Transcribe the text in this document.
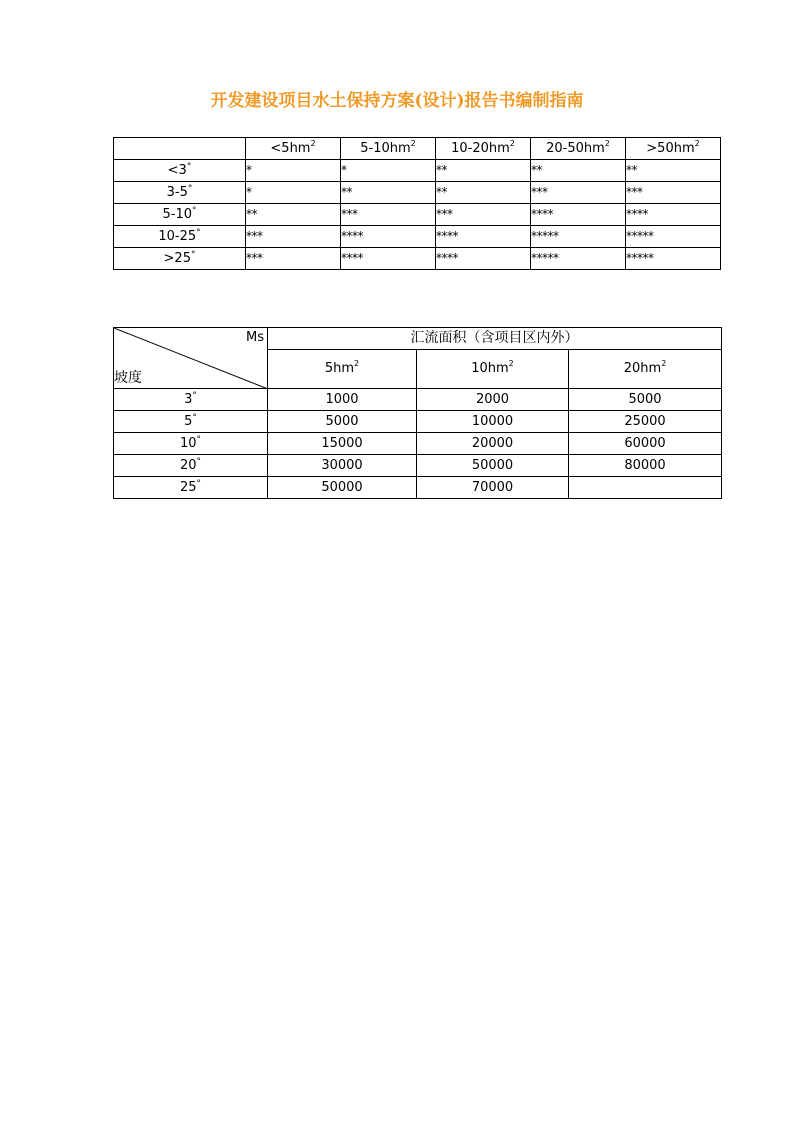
开发建设项目水土保持方案(设计)报告书编制指南
	$<5hm^2$	$5-10hm^2$	$10-20hm^2$	$20-50hm^2$	$>50hm^2$
<3°	*	*	**	**	**
3-5°	*	**	**	***	***
5-10°	**	***	***	****	****
10-25°	***	****	****	*****	*****
>25°	***	****	****	*****	*****
Ms
坡度	汇流面积（含项目区内外）		
	$5hm^2$	$10hm^2$	$20hm^2$
3°	1000	2000	5000
5°	5000	10000	25000
10°	15000	20000	60000
20°	30000	50000	80000
25°	50000	70000	
